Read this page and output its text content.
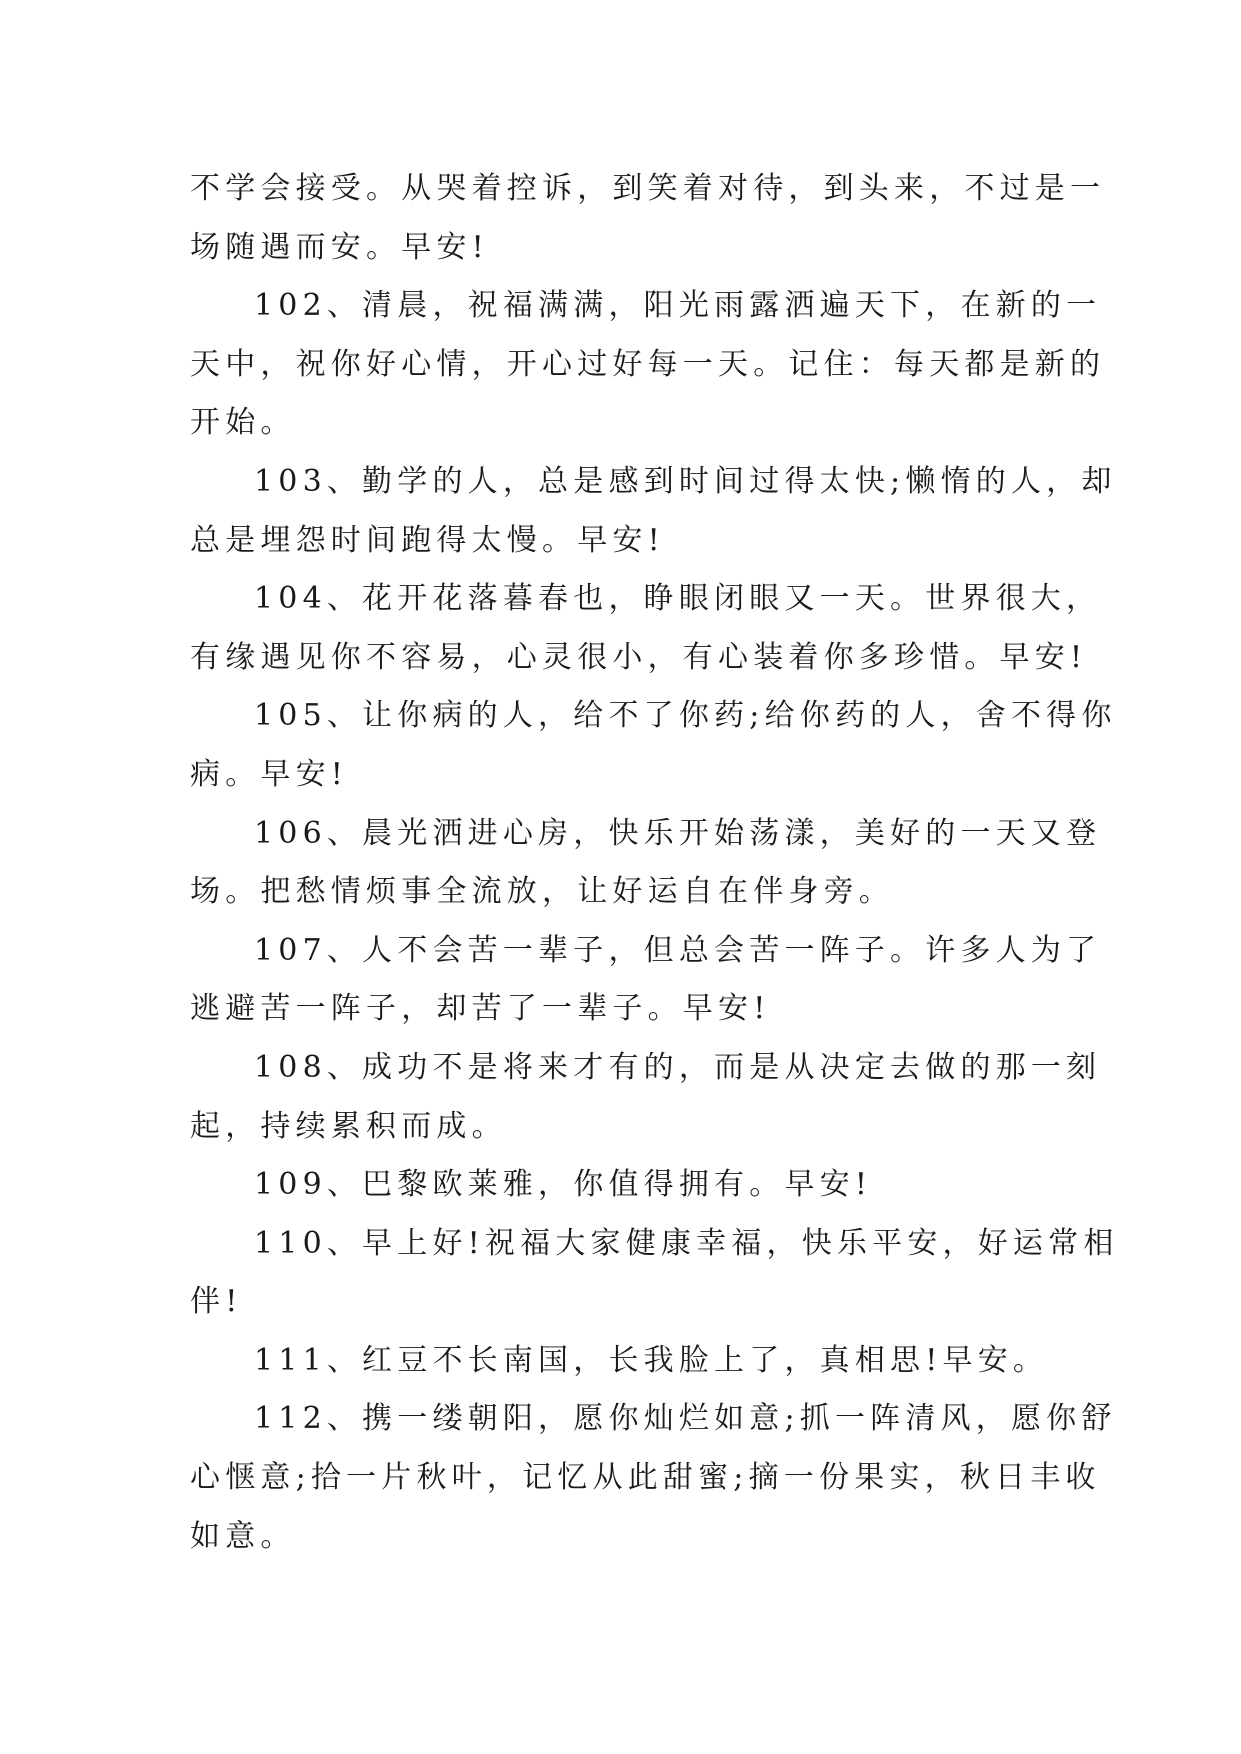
不学会接受。从哭着控诉，到笑着对待，到头来，不过是一
场随遇而安。早安!
102、清晨，祝福满满，阳光雨露洒遍天下，在新的一
天中，祝你好心情，开心过好每一天。记住：每天都是新的
开始。
103、勤学的人，总是感到时间过得太快;懒惰的人，却
总是埋怨时间跑得太慢。早安!
104、花开花落暮春也，睁眼闭眼又一天。世界很大，
有缘遇见你不容易，心灵很小，有心装着你多珍惜。早安!
105、让你病的人，给不了你药;给你药的人，舍不得你
病。早安!
106、晨光洒进心房，快乐开始荡漾，美好的一天又登
场。把愁情烦事全流放，让好运自在伴身旁。
107、人不会苦一辈子，但总会苦一阵子。许多人为了
逃避苦一阵子，却苦了一辈子。早安!
108、成功不是将来才有的，而是从决定去做的那一刻
起，持续累积而成。
109、巴黎欧莱雅，你值得拥有。早安!
110、早上好!祝福大家健康幸福，快乐平安，好运常相
伴!
111、红豆不长南国，长我脸上了，真相思!早安。
112、携一缕朝阳，愿你灿烂如意;抓一阵清风，愿你舒
心惬意;拾一片秋叶，记忆从此甜蜜;摘一份果实，秋日丰收
如意。
